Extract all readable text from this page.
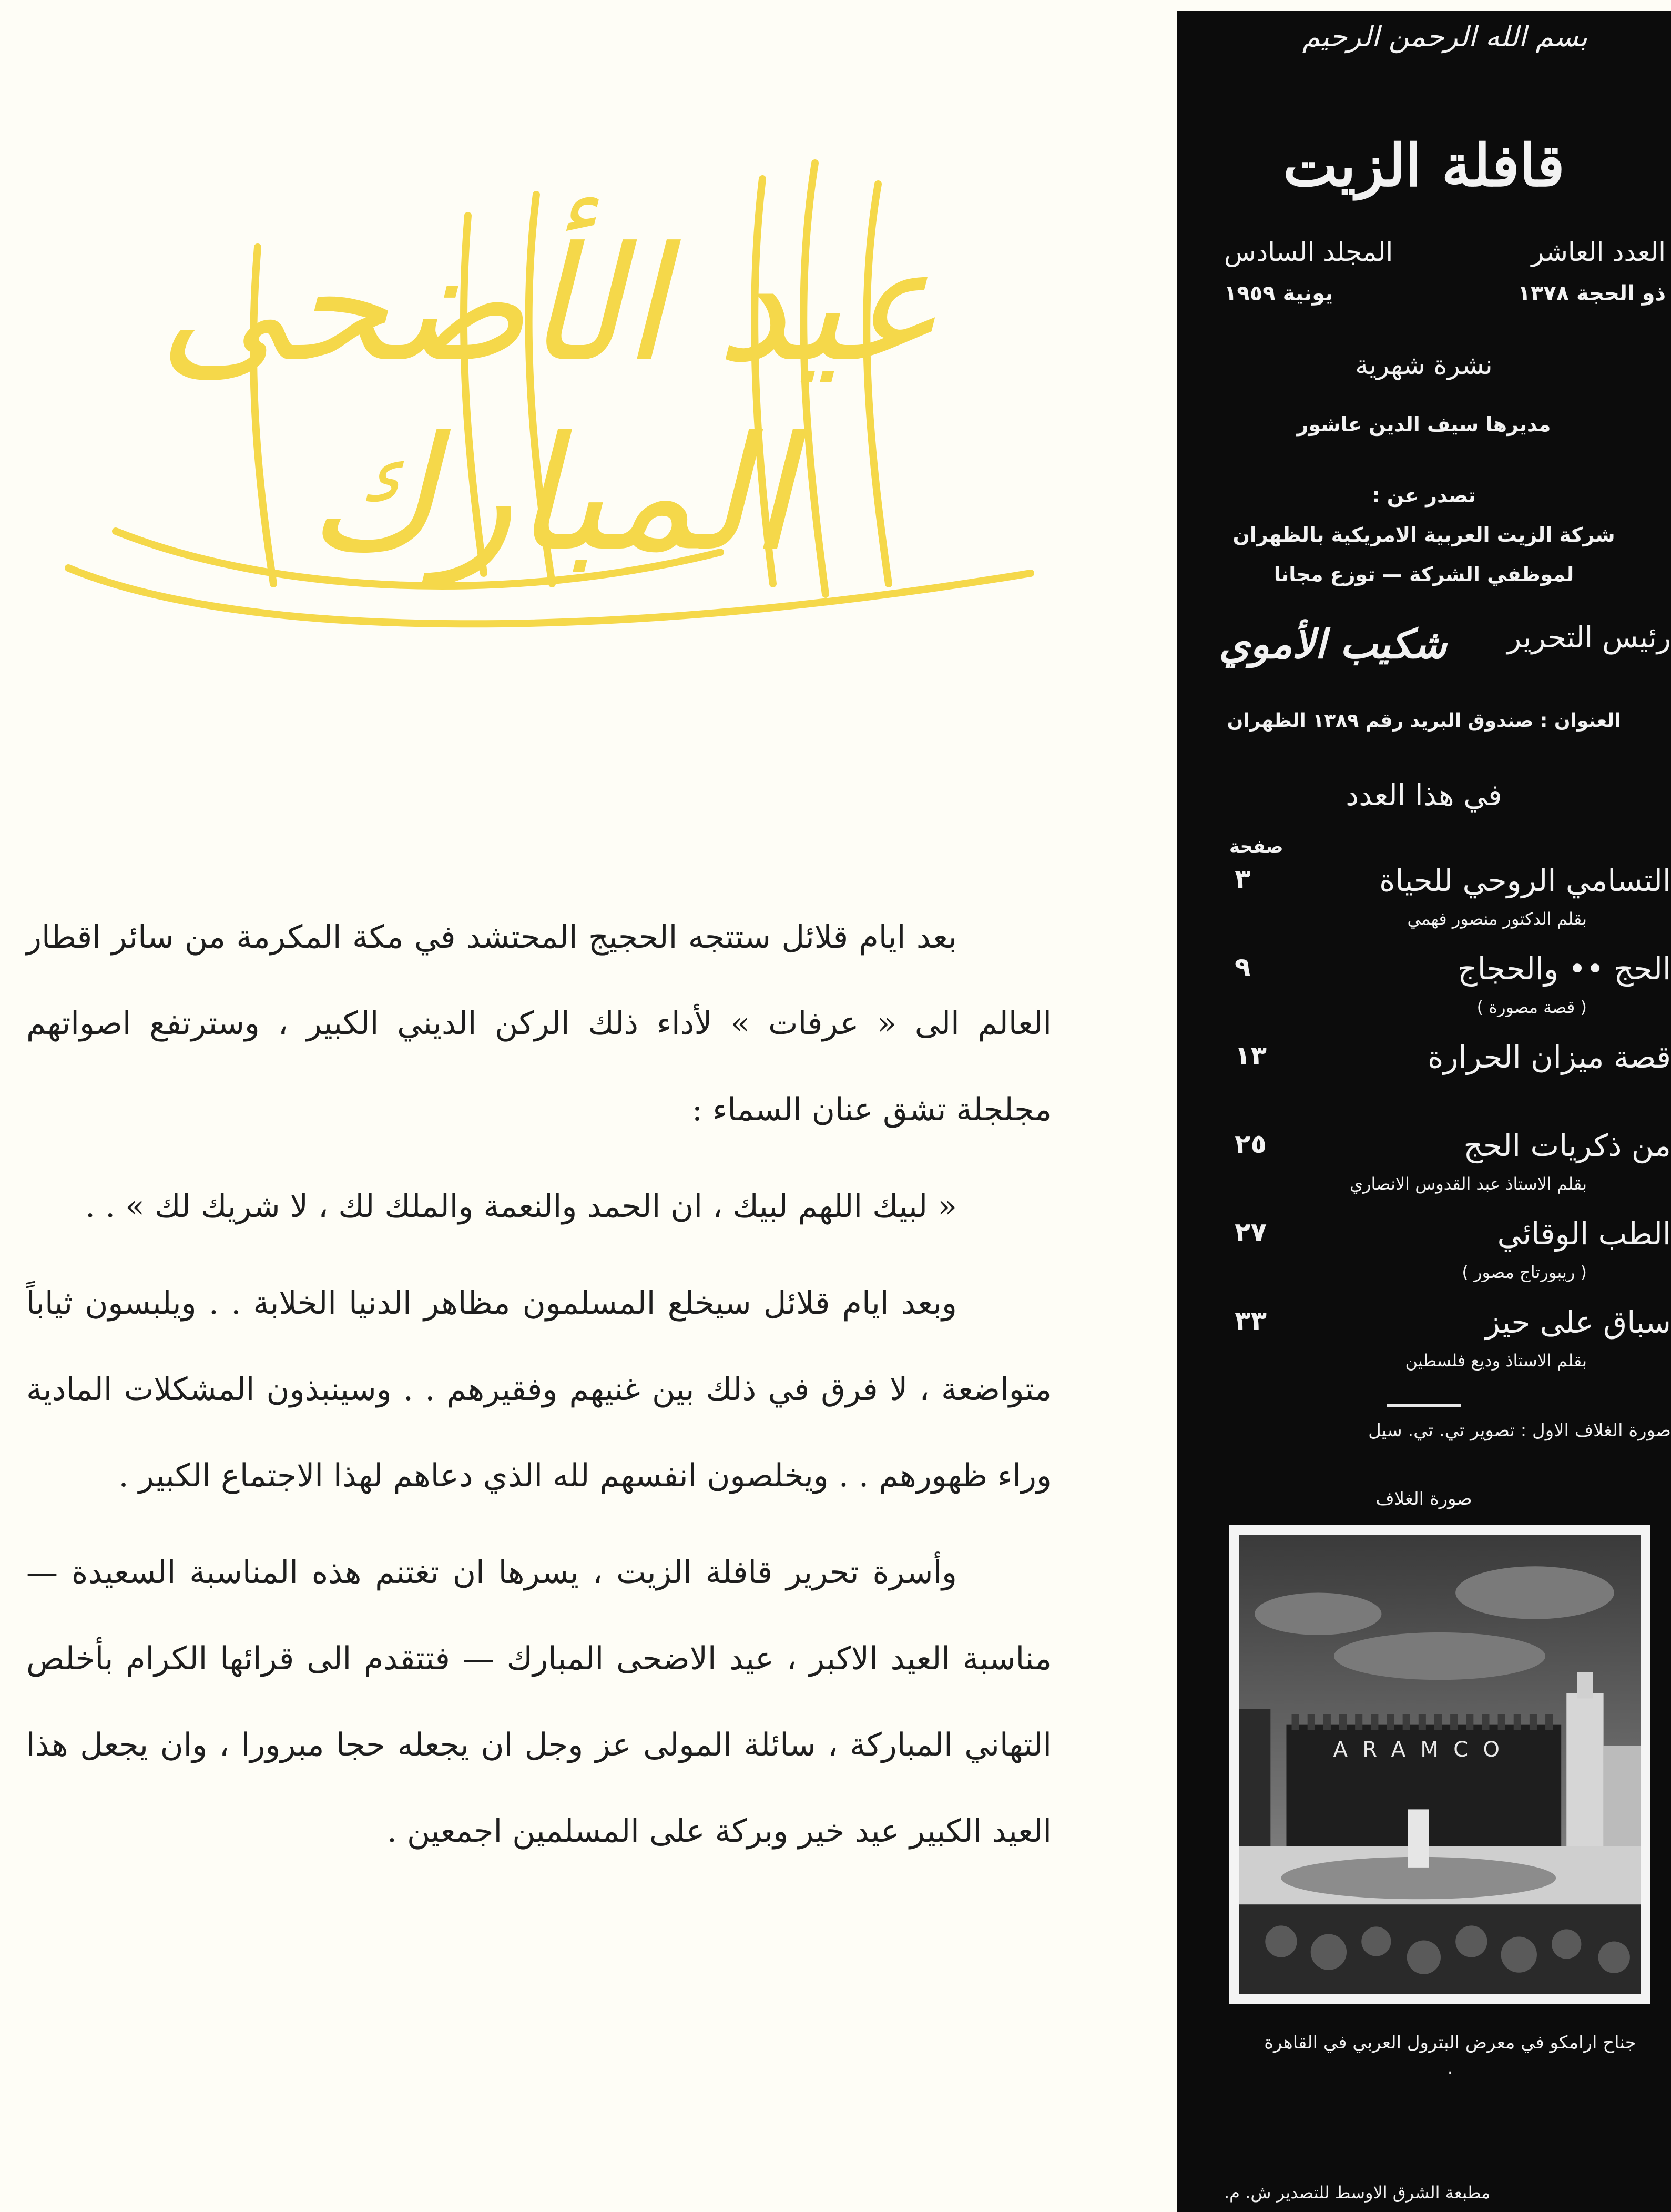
عيد الأضحى المبارك

بعد ايام قلائل ستتجه الحجيج المحتشد في مكة المكرمة من سائر اقطار العالم الى « عرفات » لأداء ذلك الركن الديني الكبير ، وسترتفع اصواتهم مجلجلة تشق عنان السماء :

« لبيك اللهم لبيك ، ان الحمد والنعمة والملك لك ، لا شريك لك » . .

وبعد ايام قلائل سيخلع المسلمون مظاهر الدنيا الخلابة . . ويلبسون ثياباً متواضعة ، لا فرق في ذلك بين غنيهم وفقيرهم . . وسينبذون المشكلات المادية وراء ظهورهم . . ويخلصون انفسهم لله الذي دعاهم لهذا الاجتماع الكبير .

وأسرة تحرير قافلة الزيت ، يسرها ان تغتنم هذه المناسبة السعيدة — مناسبة العيد الاكبر ، عيد الاضحى المبارك — فتتقدم الى قرائها الكرام بأخلص التهاني المباركة ، سائلة المولى عز وجل ان يجعله حجا مبرورا ، وان يجعل هذا العيد الكبير عيد خير وبركة على المسلمين اجمعين .

بسم الله الرحمن الرحيم
قافلة الزيت
العدد العاشر
المجلد السادس
ذو الحجة ١٣٧٨
يونية ١٩٥٩
نشرة شهرية
مديرها سيف الدين عاشور
تصدر عن :
شركة الزيت العربية الامريكية بالظهران
لموظفي الشركة — توزع مجانا
رئيس التحرير
شكيب الأموي
العنوان : صندوق البريد رقم ١٣٨٩ الظهران
في هذا العدد
صفحة
التسامي الروحي للحياة
٣
بقلم الدكتور منصور فهمي
الحج •• والحجاج
٩
( قصة مصورة )
قصة ميزان الحرارة
١٣
من ذكريات الحج
٢٥
بقلم الاستاذ عبد القدوس الانصاري
الطب الوقائي
٢٧
( ريبورتاج مصور )
سباق على حيز
٣٣
بقلم الاستاذ وديع فلسطين
صورة الغلاف الاول : تصوير تي. تي. سيل
صورة الغلاف
ARAMCO
جناح ارامكو في معرض البترول العربي في القاهرة .
مطبعة الشرق الاوسط للتصدير ش. م.
